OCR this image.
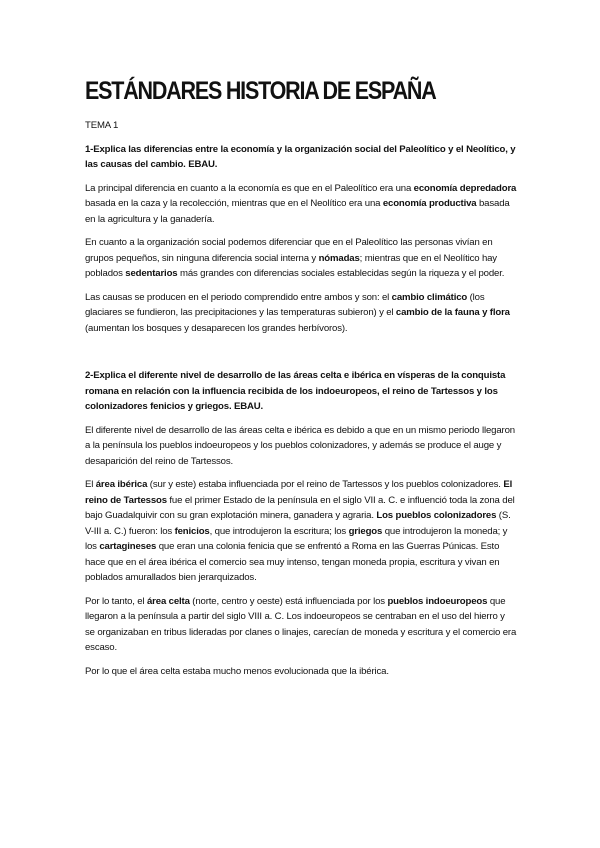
ESTÁNDARES HISTORIA DE ESPAÑA
TEMA 1

1-Explica las diferencias entre la economía y la organización social del Paleolítico y el Neolítico, y las causas del cambio. EBAU.

La principal diferencia en cuanto a la economía es que en el Paleolítico era una economía depredadora basada en la caza y la recolección, mientras que en el Neolítico era una economía productiva basada en la agricultura y la ganadería.

En cuanto a la organización social podemos diferenciar que en el Paleolítico las personas vivían en grupos pequeños, sin ninguna diferencia social interna y nómadas; mientras que en el Neolítico hay poblados sedentarios más grandes con diferencias sociales establecidas según la riqueza y el poder.

Las causas se producen en el periodo comprendido entre ambos y son: el cambio climático (los glaciares se fundieron, las precipitaciones y las temperaturas subieron) y el cambio de la fauna y flora (aumentan los bosques y desaparecen los grandes herbívoros).

2-Explica el diferente nivel de desarrollo de las áreas celta e ibérica en vísperas de la conquista romana en relación con la influencia recibida de los indoeuropeos, el reino de Tartessos y los colonizadores fenicios y griegos. EBAU.

El diferente nivel de desarrollo de las áreas celta e ibérica es debido a que en un mismo periodo llegaron a la península los pueblos indoeuropeos y los pueblos colonizadores, y además se produce el auge y desaparición del reino de Tartessos.

El área ibérica (sur y este) estaba influenciada por el reino de Tartessos y los pueblos colonizadores. El reino de Tartessos fue el primer Estado de la península en el siglo VII a. C. e influenció toda la zona del bajo Guadalquivir con su gran explotación minera, ganadera y agraria. Los pueblos colonizadores (S. V-III a. C.) fueron: los fenicios, que introdujeron la escritura; los griegos que introdujeron la moneda; y los cartagineses que eran una colonia fenicia que se enfrentó a Roma en las Guerras Púnicas. Esto hace que en el área ibérica el comercio sea muy intenso, tengan moneda propia, escritura y vivan en poblados amurallados bien jerarquizados.

Por lo tanto, el área celta (norte, centro y oeste) está influenciada por los pueblos indoeuropeos que llegaron a la península a partir del siglo VIII a. C. Los indoeuropeos se centraban en el uso del hierro y se organizaban en tribus lideradas por clanes o linajes, carecían de moneda y escritura y el comercio era escaso.

Por lo que el área celta estaba mucho menos evolucionada que la ibérica.
